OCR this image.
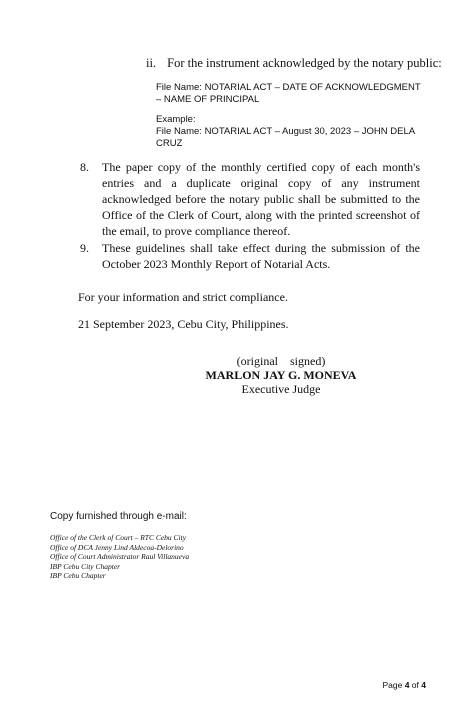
ii. For the instrument acknowledged by the notary public:
File Name: NOTARIAL ACT – DATE OF ACKNOWLEDGMENT – NAME OF PRINCIPAL
Example:
File Name: NOTARIAL ACT – August 30, 2023 – JOHN DELA CRUZ
8. The paper copy of the monthly certified copy of each month's entries and a duplicate original copy of any instrument acknowledged before the notary public shall be submitted to the Office of the Clerk of Court, along with the printed screenshot of the email, to prove compliance thereof.
9. These guidelines shall take effect during the submission of the October 2023 Monthly Report of Notarial Acts.
For your information and strict compliance.
21 September 2023, Cebu City, Philippines.
(original    signed)
MARLON JAY G. MONEVA
Executive Judge
Copy furnished through e-mail:
Office of the Clerk of Court – RTC Cebu City
Office of DCA Jenny Lind Aldecoa-Delorino
Office of Court Administrator Raul Villanueva
IBP Cebu City Chapter
IBP Cebu Chapter
Page 4 of 4
